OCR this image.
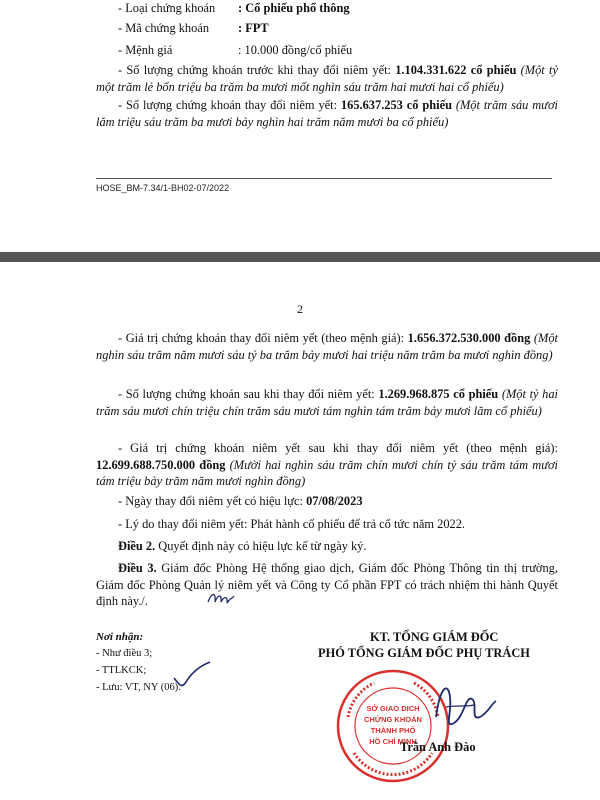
- Loại chứng khoán : Cổ phiếu phổ thông
- Mã chứng khoán : FPT
- Mệnh giá	: 10.000 đồng/cổ phiếu
- Số lượng chứng khoán trước khi thay đổi niêm yết: 1.104.331.622 cổ phiếu (Một tỷ một trăm lẻ bốn triệu ba trăm ba mươi mốt nghìn sáu trăm hai mươi hai cổ phiếu)
- Số lượng chứng khoán thay đổi niêm yết: 165.637.253 cổ phiếu (Một trăm sáu mươi lăm triệu sáu trăm ba mươi bảy nghìn hai trăm năm mươi ba cổ phiếu)
HOSE_BM-7.34/1-BH02-07/2022
2
- Giá trị chứng khoán thay đổi niêm yết (theo mệnh giá): 1.656.372.530.000 đồng (Một nghìn sáu trăm năm mươi sáu tỷ ba trăm bảy mươi hai triệu năm trăm ba mươi nghìn đồng)
- Số lượng chứng khoán sau khi thay đổi niêm yết: 1.269.968.875 cổ phiếu (Một tỷ hai trăm sáu mươi chín triệu chín trăm sáu mươi tám nghìn tám trăm bảy mươi lăm cổ phiếu)
- Giá trị chứng khoán niêm yết sau khi thay đổi niêm yết (theo mệnh giá): 12.699.688.750.000 đồng (Mười hai nghìn sáu trăm chín mươi chín tỷ sáu trăm tám mươi tám triệu bảy trăm năm mươi nghìn đồng)
- Ngày thay đổi niêm yết có hiệu lực: 07/08/2023
- Lý do thay đổi niêm yết: Phát hành cổ phiếu để trả cổ tức năm 2022.
Điều 2. Quyết định này có hiệu lực kể từ ngày ký.
Điều 3. Giám đốc Phòng Hệ thống giao dịch, Giám đốc Phòng Thông tin thị trường, Giám đốc Phòng Quản lý niêm yết và Công ty Cổ phần FPT có trách nhiệm thi hành Quyết định này./.
Nơi nhận:
- Như điều 3;
- TTLKCK;
- Lưu: VT, NY (06).
KT. TỔNG GIÁM ĐỐC
PHÓ TỔNG GIÁM ĐỐC PHỤ TRÁCH
SỞ GIAO DỊCH
CHỨNG KHOÁN
THÀNH PHỐ
HỒ CHÍ MINH
Trần Anh Đào
